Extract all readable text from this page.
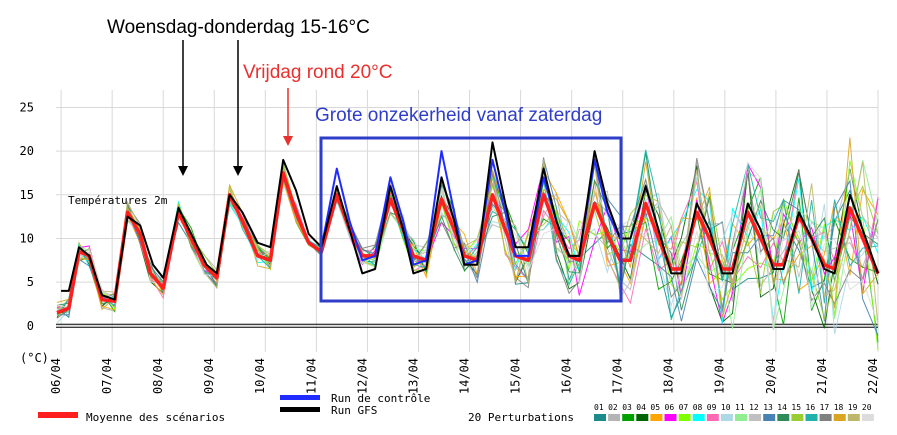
06/04	07/04	08/04	09/04	10/04	11/04	12/04	13/04	14/04	15/04	16/04	17/04	18/04	19/04	20/04	21/04	22/04
25
20
15
10
5
0
(°C)
Températures 2m
Woensdag-donderdag 15-16°C
Vrijdag rond 20°C
Grote onzekerheid vanaf zaterdag
Moyenne des scénarios
Run de contrôle
Run GFS
20 Perturbations
01 02 03 04 05 06 07 08 09 10 11 12 13 14 15 16 17 18 19 20
